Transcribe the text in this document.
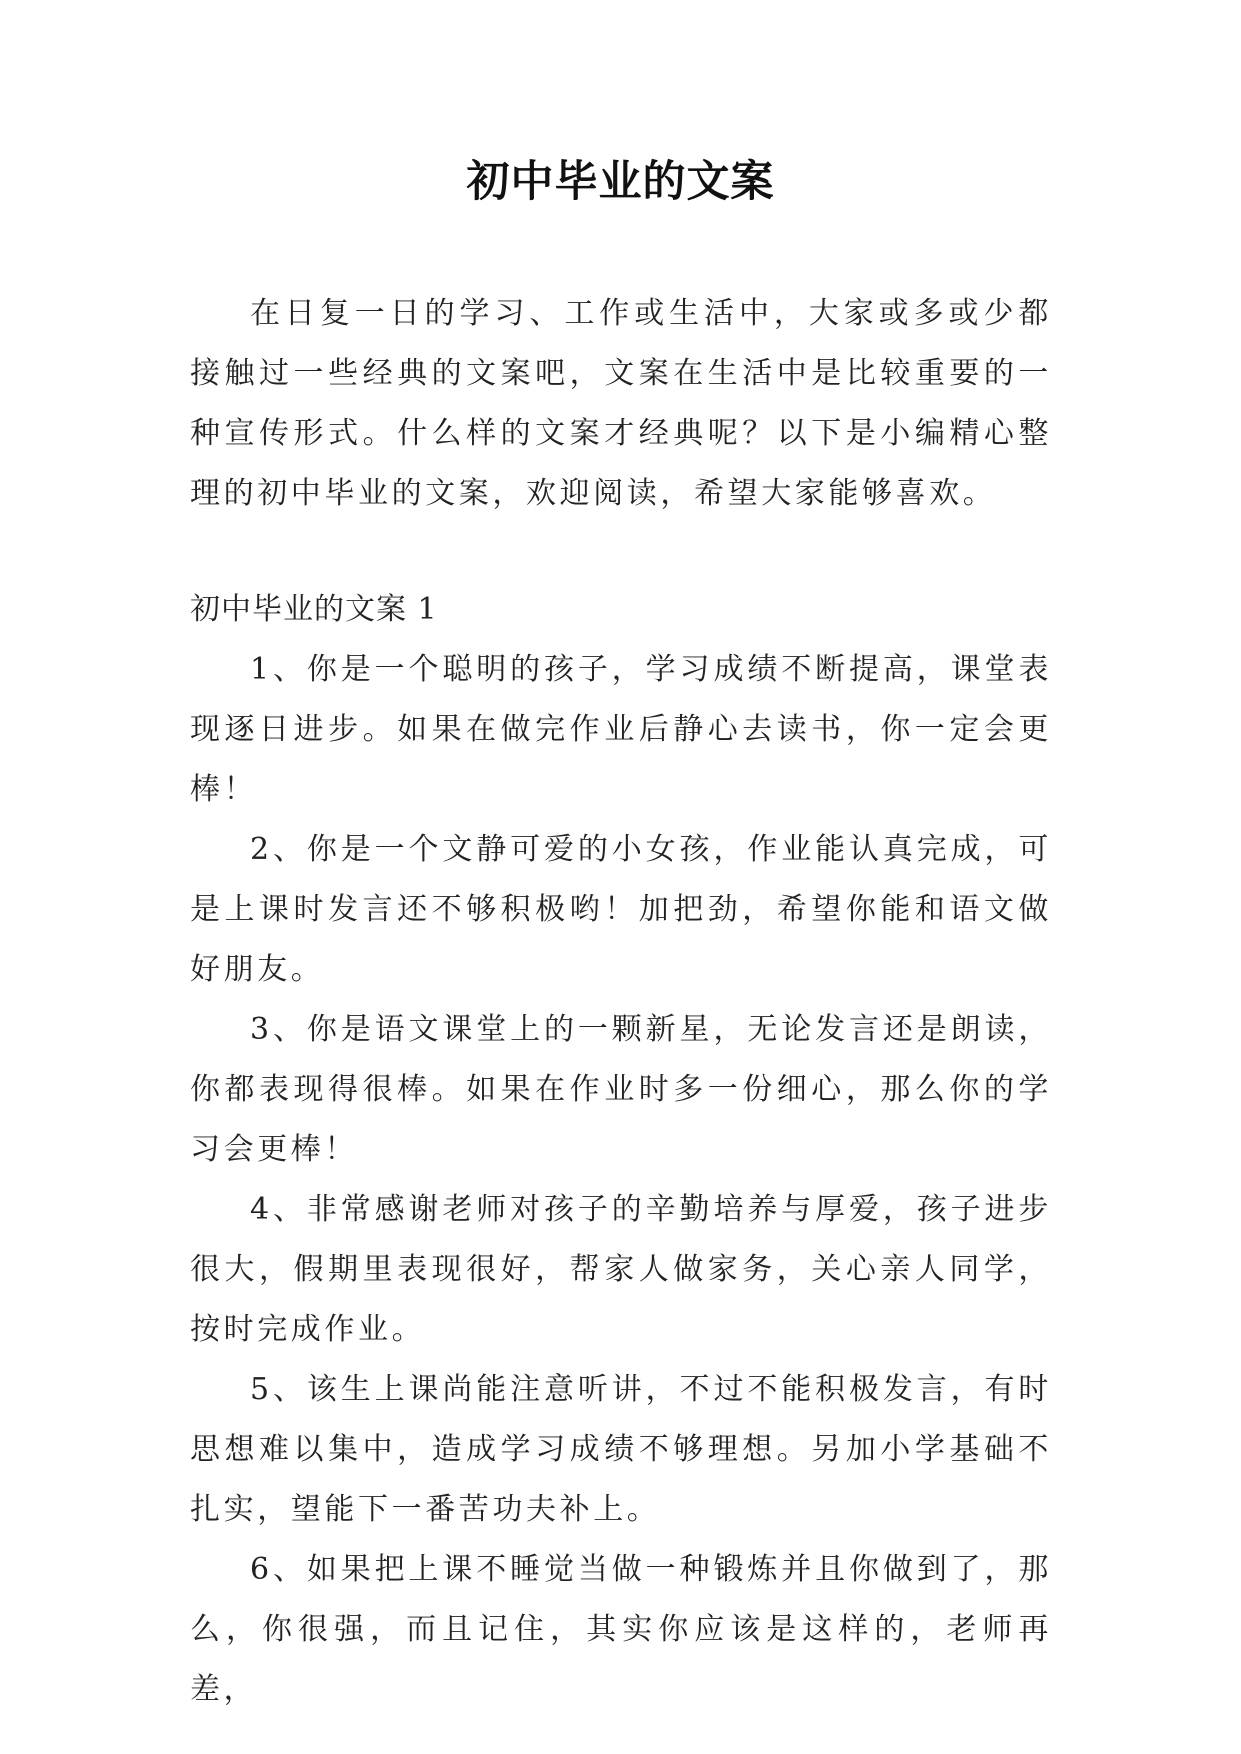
初中毕业的文案

在日复一日的学习、工作或生活中，大家或多或少都接触过一些经典的文案吧，文案在生活中是比较重要的一种宣传形式。什么样的文案才经典呢？以下是小编精心整理的初中毕业的文案，欢迎阅读，希望大家能够喜欢。

初中毕业的文案 1

1、你是一个聪明的孩子，学习成绩不断提高，课堂表现逐日进步。如果在做完作业后静心去读书，你一定会更棒！

2、你是一个文静可爱的小女孩，作业能认真完成，可是上课时发言还不够积极哟！加把劲，希望你能和语文做好朋友。

3、你是语文课堂上的一颗新星，无论发言还是朗读，你都表现得很棒。如果在作业时多一份细心，那么你的学习会更棒！

4、非常感谢老师对孩子的辛勤培养与厚爱，孩子进步很大，假期里表现很好，帮家人做家务，关心亲人同学，按时完成作业。

5、该生上课尚能注意听讲，不过不能积极发言，有时思想难以集中，造成学习成绩不够理想。另加小学基础不扎实，望能下一番苦功夫补上。

6、如果把上课不睡觉当做一种锻炼并且你做到了，那么，你很强，而且记住，其实你应该是这样的，老师再差，
